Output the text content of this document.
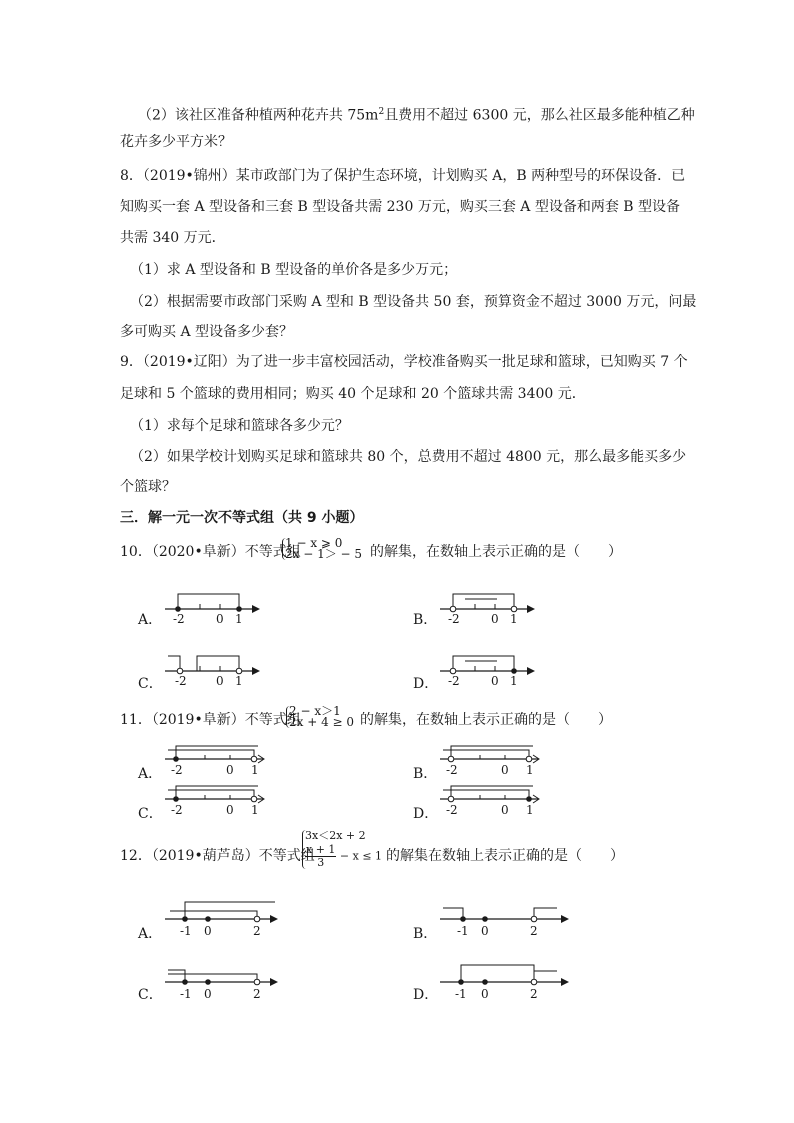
（2）该社区准备种植两种花卉共 $75m^2$且费用不超过 6300 元，那么社区最多能种植乙种
花卉多少平方米？
8．（2019•锦州）某市政部门为了保护生态环境，计划购买 A，B 两种型号的环保设备．已
知购买一套 A 型设备和三套 B 型设备共需 230 万元，购买三套 A 型设备和两套 B 型设备
共需 340 万元．
（1）求 A 型设备和 B 型设备的单价各是多少万元；
（2）根据需要市政部门采购 A 型和 B 型设备共 50 套，预算资金不超过 3000 万元，问最
多可购买 A 型设备多少套？
9．（2019•辽阳）为了进一步丰富校园活动，学校准备购买一批足球和篮球，已知购买 7 个
足球和 5 个篮球的费用相同；购买 40 个足球和 20 个篮球共需 3400 元．
（1）求每个足球和篮球各多少元？
（2）如果学校计划购买足球和篮球共 80 个，总费用不超过 4800 元，那么最多能买多少
个篮球？
三．解一元一次不等式组（共 9 小题）
10．（2020•阜新）不等式组
1 − x ⩾ 0
2x − 1＞ − 5 的解集，在数轴上表示正确的是（　　）
A． -2	0 1	B． -2	0 1
C． -2 0 1	D． -2	0 1
11．（2019•阜新）不等式组
2 − x＞1
2x + 4 ≥ 0 的解集，在数轴上表示正确的是（　　）
A． -2	0 1	B． -2	0 1
C． -2	0 1	D． -2	0 1
12．（2019•葫芦岛）不等式组
3x＜2x + 2
$\frac{x + 1}{3} - x \le 1$ 的解集在数轴上表示正确的是（　　）
A． -1 0	2	B． -1 0	2
C． -1 0	2	D． -1 0	2
